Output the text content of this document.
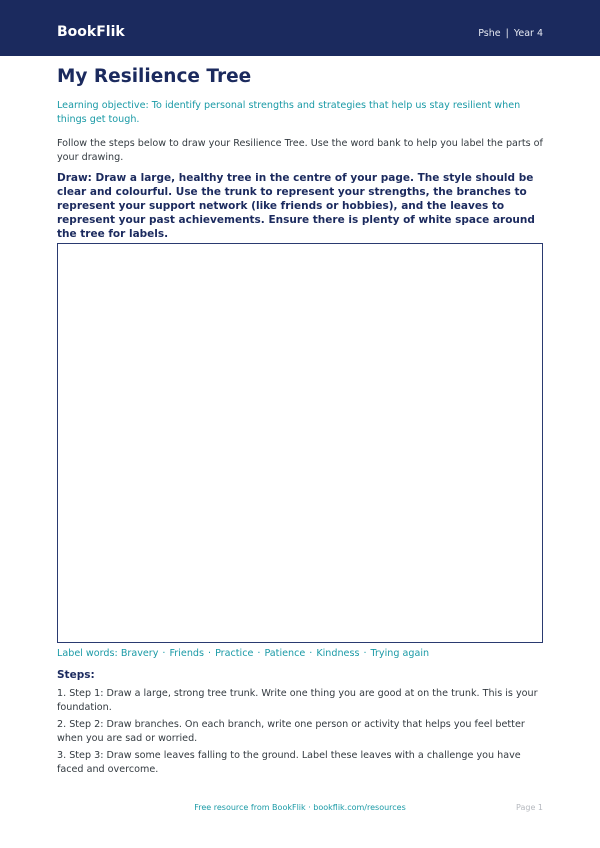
BookFlik	Pshe | Year 4
My Resilience Tree

Learning objective: To identify personal strengths and strategies that help us stay resilient when things get tough.

Follow the steps below to draw your Resilience Tree. Use the word bank to help you label the parts of your drawing.

Draw: Draw a large, healthy tree in the centre of your page. The style should be clear and colourful. Use the trunk to represent your strengths, the branches to represent your support network (like friends or hobbies), and the leaves to represent your past achievements. Ensure there is plenty of white space around the tree for labels.

Label words: Bravery · Friends · Practice · Patience · Kindness · Trying again

Steps:

1. Step 1: Draw a large, strong tree trunk. Write one thing you are good at on the trunk. This is your foundation.
2. Step 2: Draw branches. On each branch, write one person or activity that helps you feel better when you are sad or worried.
3. Step 3: Draw some leaves falling to the ground. Label these leaves with a challenge you have faced and overcome.
Free resource from BookFlik · bookflik.com/resources	Page 1
